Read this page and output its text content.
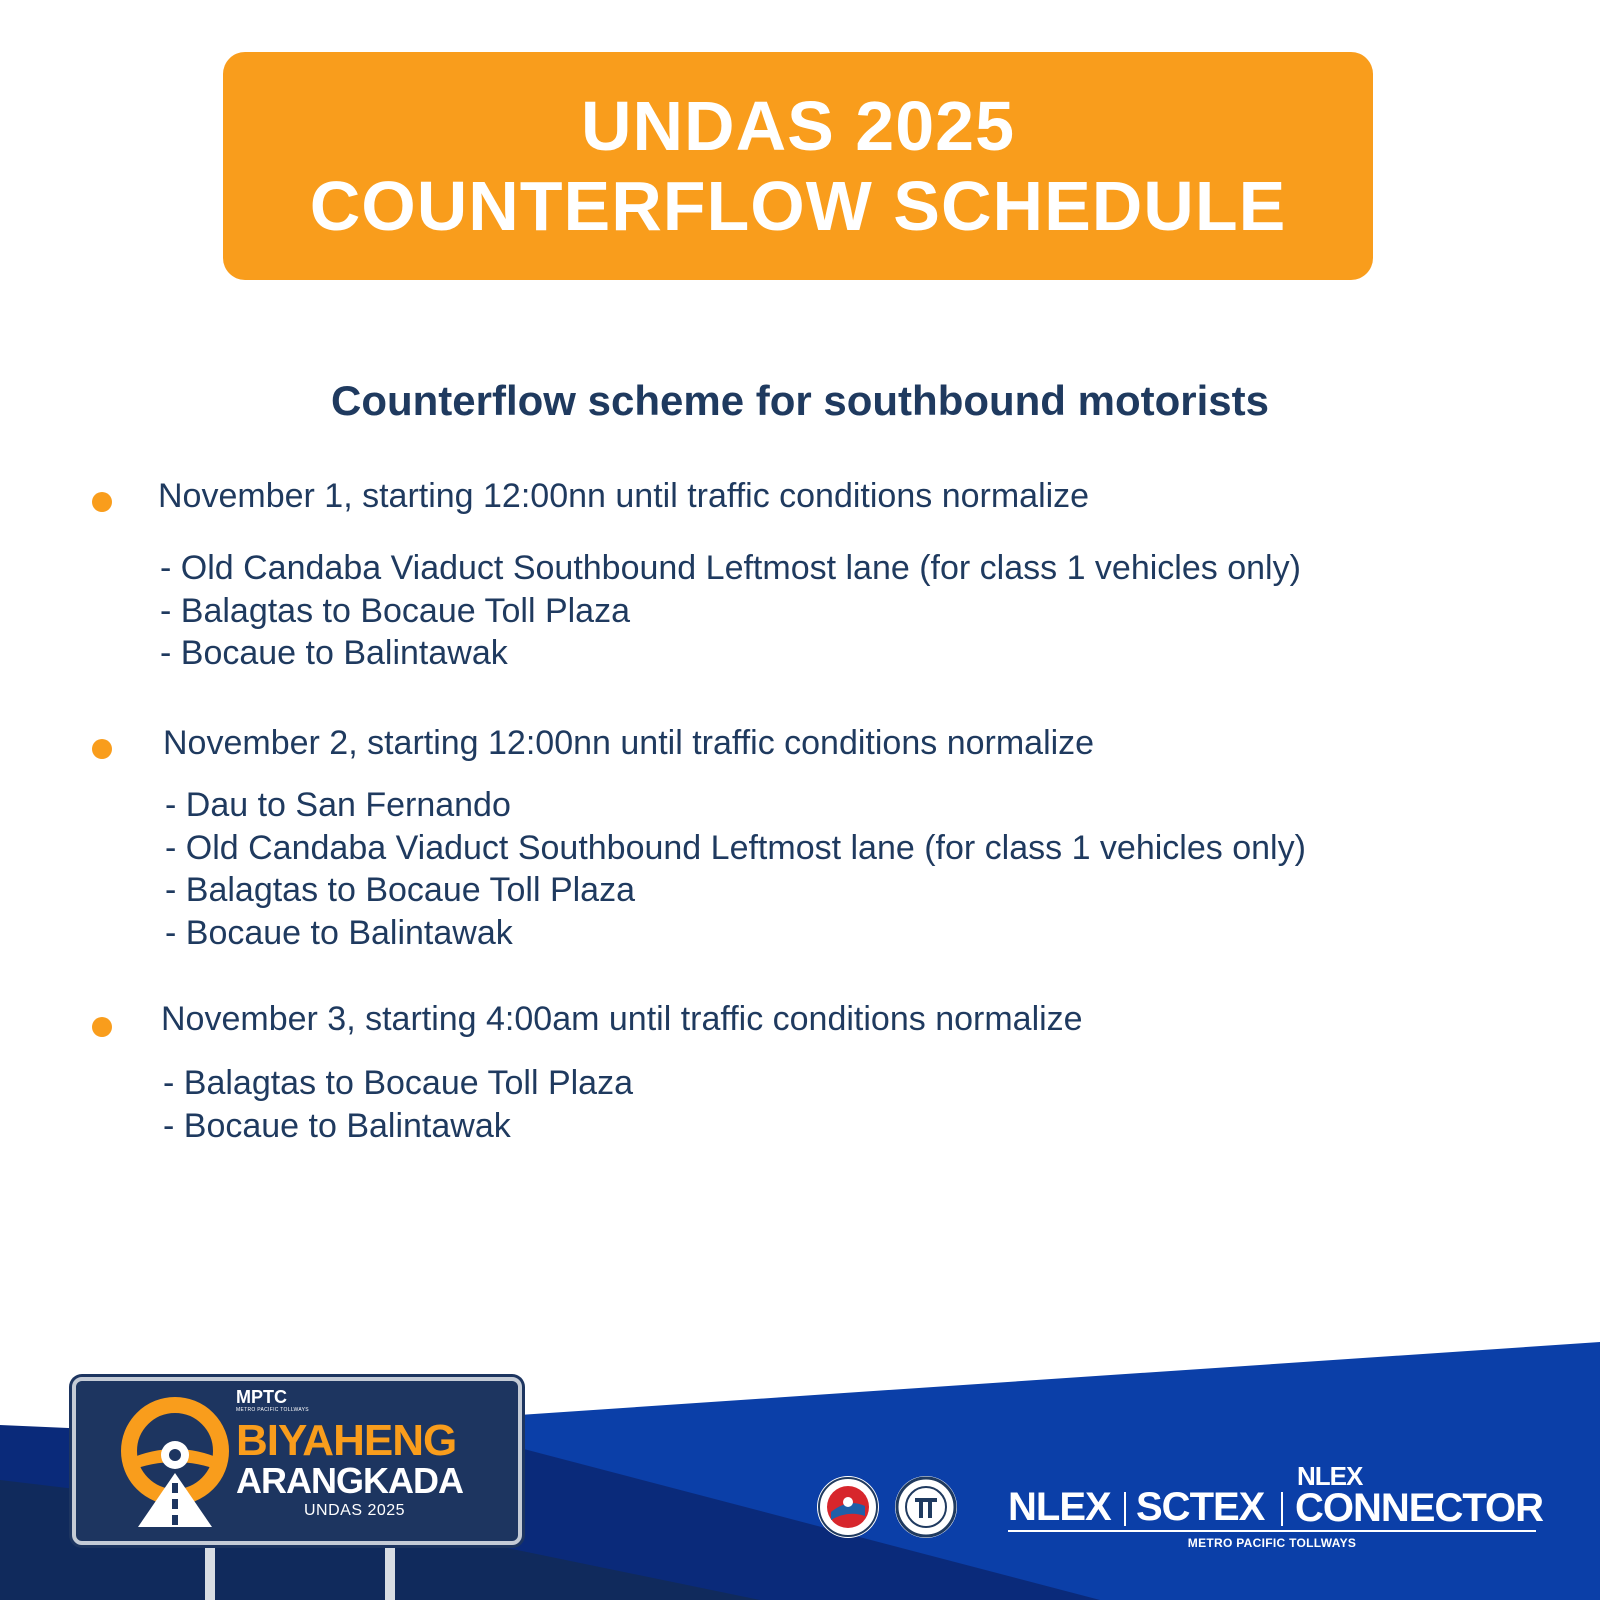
UNDAS 2025
COUNTERFLOW SCHEDULE
Counterflow scheme for southbound motorists
November 1, starting 12:00nn until traffic conditions normalize
- Old Candaba Viaduct Southbound Leftmost lane (for class 1 vehicles only)
- Balagtas to Bocaue Toll Plaza
- Bocaue to Balintawak
November 2, starting 12:00nn until traffic conditions normalize
- Dau to San Fernando
- Old Candaba Viaduct Southbound Leftmost lane (for class 1 vehicles only)
- Balagtas to Bocaue Toll Plaza
- Bocaue to Balintawak
November 3, starting 4:00am until traffic conditions normalize
- Balagtas to Bocaue Toll Plaza
- Bocaue to Balintawak
MPTC
METRO PACIFIC TOLLWAYS
BIYAHENG
ARANGKADA
UNDAS 2025	NLEX SCTEX
NLEX
CONNECTOR
METRO PACIFIC TOLLWAYS
